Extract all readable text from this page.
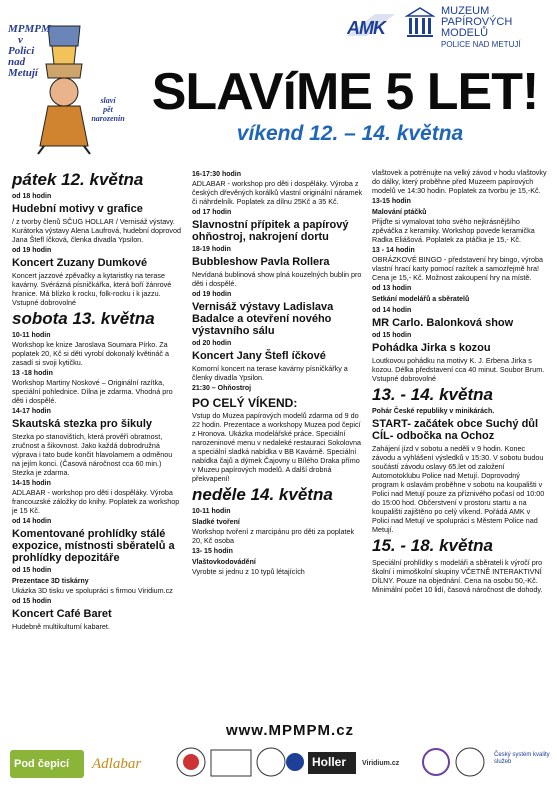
MPMPM
v
Polici
nad
Metují
slaví
pět
narozenin
AMK
MUZEUM
PAPÍROVÝCH MODELŮ
POLICE NAD METUJÍ
SLAVíME 5 LET!
víkend 12. – 14. května
pátek 12. května
od 18 hodin
Hudební motivy v grafice
/ z tvorby členů SČUG HOLLAR / Vernisáž výstavy. Kurátorka výstavy Alena Laufrová, hudební doprovod Jana Štefl íčková, členka divadla Ypsilon.
od 19 hodin
Koncert Zuzany Dumkové
Koncert jazzové zpěvačky a kytaristky na terase kavárny. Svérázná písničkářka, která boří žánrové hranice. Má blízko k rocku, folk-rocku i k jazzu. Vstupné dobrovolné
sobota 13. května
10-11 hodin
Workshop ke knize Jaroslava Soumara Pírko. Za poplatek 20, Kč si děti vyrobí dokonalý květináč a zasadí si svoji kytičku.
13 -18 hodin
Workshop Martiny Noskové – Originální razítka, speciální pohlednice. Dílna je zdarma. Vhodná pro děti i dospělé.
14-17 hodin
Skautská stezka pro šikuly
Stezka po stanovištích, která prověří obratnost, zručnost a šikovnost. Jako každá dobrodružná výprava i tato bude končit hlavolamem a odměnou na jejím konci. (Časová náročnost cca 60 min.) Stezka je zdarma.
14-15 hodin
ADLABAR - workshop pro děti i dospěláky. Výroba francouzské záložky do knihy. Poplatek za workshop je 15 Kč.
od 14 hodin
Komentované prohlídky stálé expozice, místnosti sběratelů a prohlídky depozitáře
od 15 hodin
Prezentace 3D tiskárny
Ukázka 3D tisku ve spolupráci s firmou Viridium.cz
od 15 hodin
Koncert Café Baret
Hudebně multikulturní kabaret.
16-17:30 hodin
ADLABAR - workshop pro děti i dospěláky. Výroba z českých dřevěných korálků vlastní originální náramek či náhrdelník. Poplatek za dílnu 25Kč a 35 Kč.
od 17 hodin
Slavnostní přípitek a papírový ohňostroj, nakrojení dortu
18-19 hodin
Bubbleshow Pavla Rollera
Nevídaná bublinová show plná kouzelných bublin pro děti i dospělé.
od 19 hodin
Vernisáž výstavy Ladislava Badalce a otevření nového výstavního sálu
od 20 hodin
Koncert Jany Štefl íčkové
Komorní koncert na terase kavárny písničkářky a členky divadla Ypsilon.
21:30 – Ohňostroj
PO CELÝ VÍKEND:
Vstup do Muzea papírových modelů zdarma od 9 do 22 hodin. Prezentace a workshopy Muzea pod čepicí z Hronova. Ukázka modelářské práce. Speciální narozeninové menu v nedaleké restauraci Sokolovna a speciální sladká nabídka v BB Kavárně. Speciální nabídka čajů a dýmek Čajovny u Bílého Draka přímo v Muzeu papírových modelů. A další drobná překvapení!
neděle 14. května
10-11 hodin
Sladké tvoření
Workshop tvoření z marcipánu pro děti za poplatek 20, Kč osoba
13- 15 hodin
Vlaštovkodovádění
Vyrobte si jednu z 10 typů létajících
vlaštovek a potrénujte na velký závod v hodu vlaštovky do dálky, který proběhne před Muzeem papírových modelů ve 14:30 hodin. Poplatek za tvorbu je 15,-Kč.
13-15 hodin
Malování ptáčků
Přijďte si vymalovat toho svého nejkrásnějšího zpěváčka z keramiky. Workshop povede keramička Radka Eliášová. Poplatek za ptáčka je 15,- Kč.
13 - 14 hodin
OBRÁZKOVÉ BINGO - představení hry bingo, výroba vlastní hrací karty pomocí razítek a samozřejmě hra! Cena je 15,- Kč. Možnost zakoupení hry na místě.
od 13 hodin
Setkání modelářů a sběratelů
od 14 hodin
MR Carlo. Balonková show
od 15 hodin
Pohádka Jirka s kozou
Loutkovou pohádku na motivy K. J. Erbena Jirka s kozou. Délka představení cca 40 minut. Soubor Brum. Vstupné dobrovolné
13. - 14. května
Pohár České republiky v minikárách.
START- začátek obce Suchý důl CÍL- odbočka na Ochoz
Zahájení jízd v sobotu a neděli v 9 hodin. Konec závodu a vyhlášení výsledků v 15:30. V sobotu budou součástí závodu oslavy 65.let od založení Automotoklubu Police nad Metují. Doprovodný program k oslavám proběhne v sobotu na koupališti v Polici nad Metují pouze za příznivého počasí od 10:00 do 15:00 hod. Občerstvení v prostoru startu a na koupališti zajištěno po celý víkend. Pořádá AMK v Polici nad Metují ve spolupráci s Městem Police nad Metují.
15. - 18. května
Speciální prohlídky s modeláři a sběrateli k výročí pro školní i mimoškolní skupiny VČETNĚ INTERAKTIVNÍ DÍLNY. Pouze na objednání. Cena na osobu 50,-Kč. Minimální počet 10 lidí, časová náročnost dle dohody.
www.MPMPM.cz
Pod čepicí Adlabar	Holler Viridium.cz
Český systém kvality služeb
